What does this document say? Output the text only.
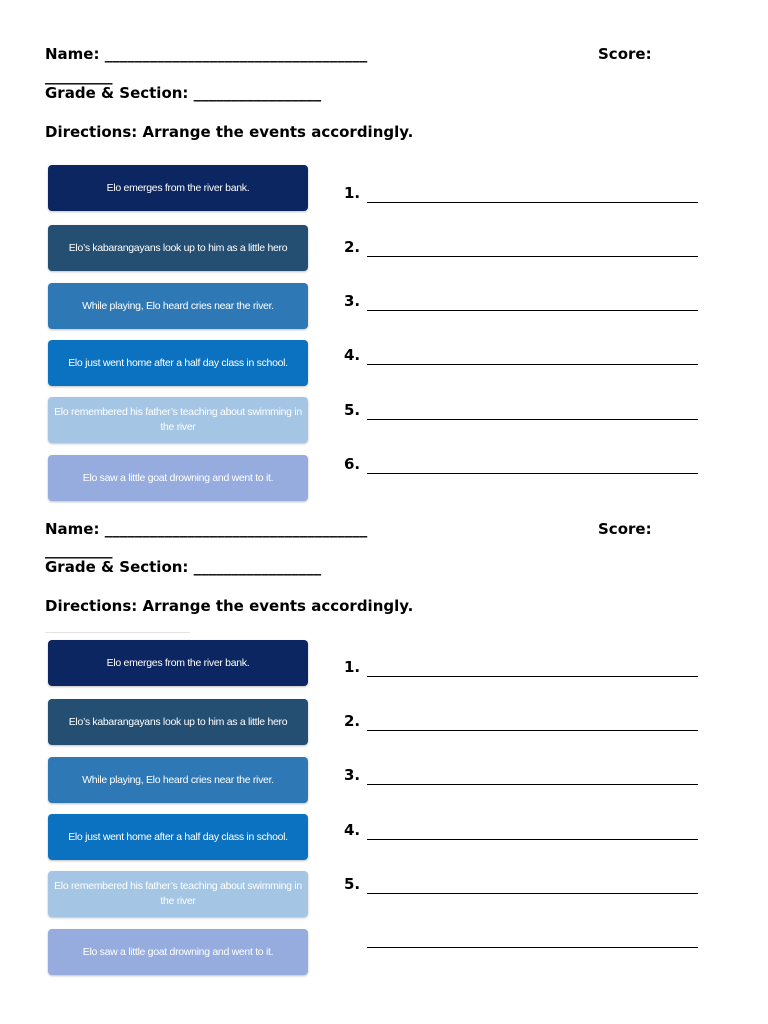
Name: ___________________________________	Score:
_________
Grade & Section: _________________
Directions: Arrange the events accordingly.
Elo emerges from the river bank.
Elo’s kabarangayans look up to him as a little hero
While playing, Elo heard cries near the river.
Elo just went home after a half day class in school.
Elo remembered his father’s teaching about swimming in the river
Elo saw a little goat drowning and went to it.
1.
2.
3.
4.
5.
6.
Name: ___________________________________	Score:
_________
Grade & Section: _________________
Directions: Arrange the events accordingly.
Elo emerges from the river bank.
Elo’s kabarangayans look up to him as a little hero
While playing, Elo heard cries near the river.
Elo just went home after a half day class in school.
Elo remembered his father’s teaching about swimming in the river
Elo saw a little goat drowning and went to it.
1.
2.
3.
4.
5.
